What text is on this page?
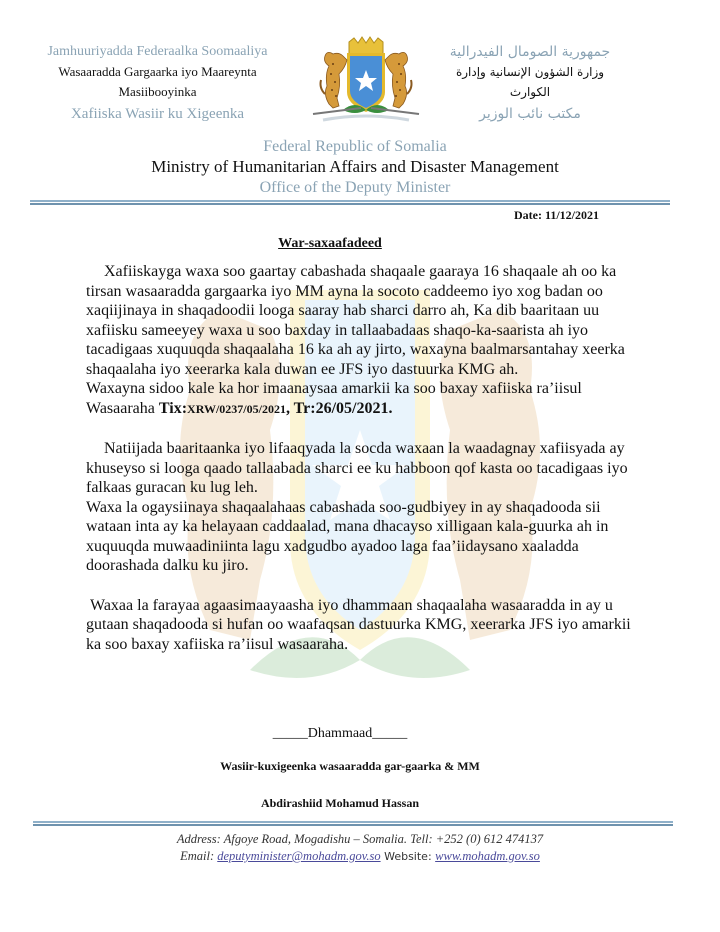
Jamhuuriyadda Federaalka Soomaaliya
Wasaaradda Gargaarka iyo Maareynta
Masiibooyinka
Xafiiska Wasiir ku Xigeenka
جمهورية الصومال الفيدرالية
وزارة الشؤون الإنسانية وإدارة
الكوارث
مكتب نائب الوزير
Federal Republic of Somalia
Ministry of Humanitarian Affairs and Disaster Management
Office of the Deputy Minister
Date: 11/12/2021
War-saxaafadeed

Xafiiskayga waxa soo gaartay cabashada shaqaale gaaraya 16 shaqaale ah oo ka tirsan wasaaradda gargaarka iyo MM ayna la socoto caddeemo iyo xog badan oo xaqiijinaya in shaqadoodii looga saaray hab sharci darro ah, Ka dib baaritaan uu xafiisku sameeyey waxa u soo baxday in tallaabadaas shaqo-ka-saarista ah iyo tacadigaas xuquuqda shaqaalaha 16 ka ah ay jirto, waxayna baalmarsantahay xeerka shaqaalaha iyo xeerarka kala duwan ee JFS iyo dastuurka KMG ah.

Waxayna sidoo kale ka hor imaanaysaa amarkii ka soo baxay xafiiska ra’iisul Wasaaraha Tix:XRW/0237/05/2021, Tr:26/05/2021.

Natiijada baaritaanka iyo lifaaqyada la socda waxaan la waadagnay xafiisyada ay khuseyso si looga qaado tallaabada sharci ee ku habboon qof kasta oo tacadigaas iyo falkaas guracan ku lug leh.

Waxa la ogaysiinaya shaqaalahaas cabashada soo-gudbiyey in ay shaqadooda sii wataan inta ay ka helayaan caddaalad, mana dhacayso xilligaan kala-guurka ah in xuquuqda muwaadiniinta lagu xadgudbo ayadoo laga faa’iidaysano xaaladda doorashada dalku ku jiro.

Waxaa la farayaa agaasimaayaasha iyo dhammaan shaqaalaha wasaaradda in ay u gutaan shaqadooda si hufan oo waafaqsan dastuurka KMG, xeerarka JFS iyo amarkii ka soo baxay xafiiska ra’iisul wasaaraha.

_____Dhammaad_____
Wasiir-kuxigeenka wasaaradda gar-gaarka & MM
Abdirashiid Mohamud Hassan
Address: Afgoye Road, Mogadishu – Somalia. Tell: +252 (0) 612 474137
Email: deputyminister@mohadm.gov.so Website: www.mohadm.gov.so
